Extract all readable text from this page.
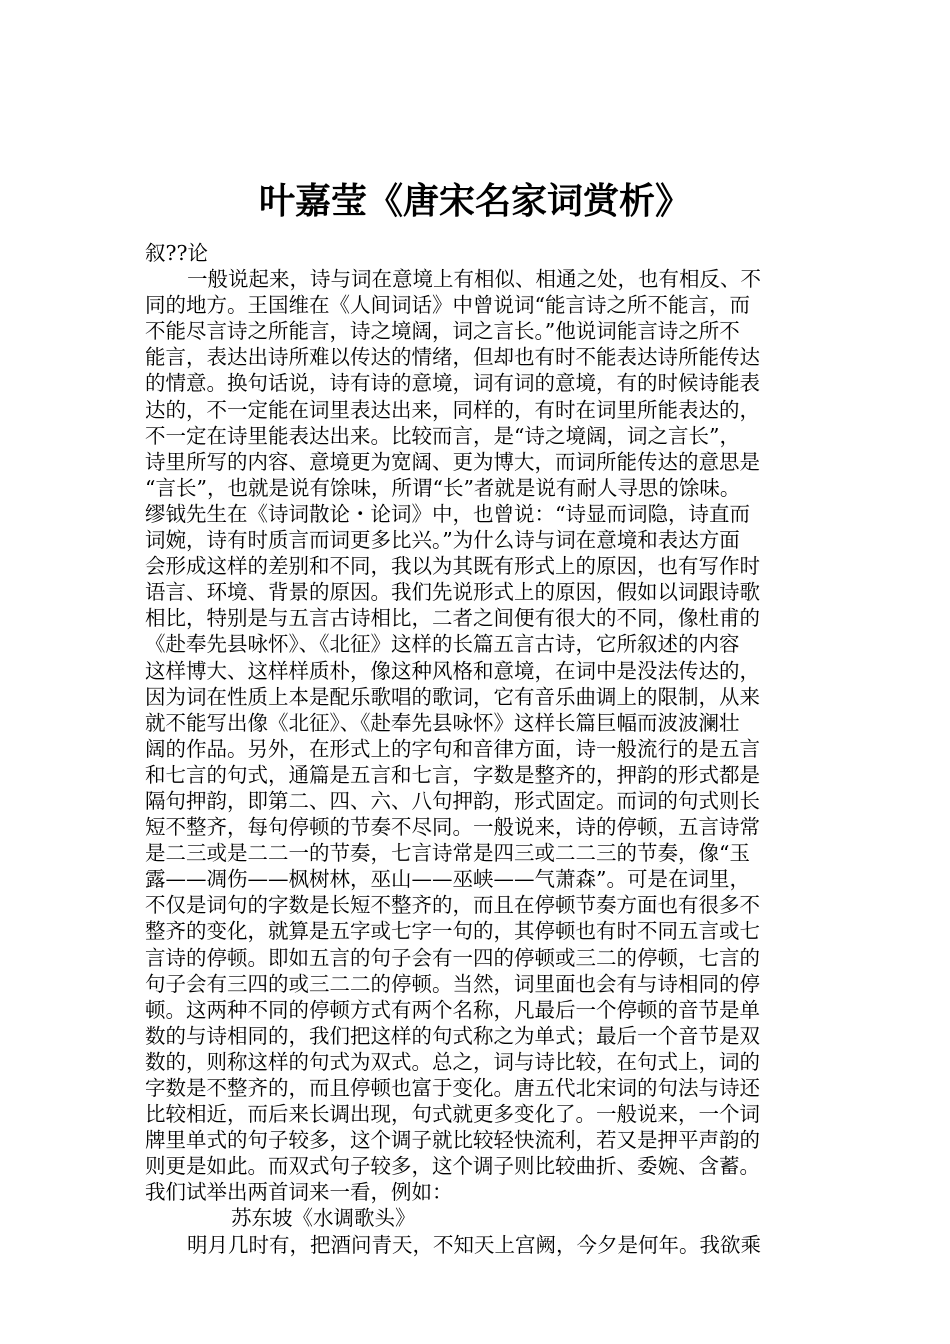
叶嘉莹《唐宋名家词赏析》
叙??论
一般说起来，诗与词在意境上有相似、相通之处，也有相反、不
同的地方。王国维在《人间词话》中曾说词“能言诗之所不能言，而
不能尽言诗之所能言，诗之境阔，词之言长。”他说词能言诗之所不
能言，表达出诗所难以传达的情绪，但却也有时不能表达诗所能传达
的情意。换句话说，诗有诗的意境，词有词的意境，有的时候诗能表
达的，不一定能在词里表达出来，同样的，有时在词里所能表达的，
不一定在诗里能表达出来。比较而言，是“诗之境阔，词之言长”，
诗里所写的内容、意境更为宽阔、更为博大，而词所能传达的意思是
“言长”，也就是说有馀味，所谓“长”者就是说有耐人寻思的馀味。
缪钺先生在《诗词散论・论词》中，也曾说：“诗显而词隐，诗直而
词婉，诗有时质言而词更多比兴。”为什么诗与词在意境和表达方面
会形成这样的差别和不同，我以为其既有形式上的原因，也有写作时
语言、环境、背景的原因。我们先说形式上的原因，假如以词跟诗歌
相比，特别是与五言古诗相比，二者之间便有很大的不同，像杜甫的
《赴奉先县咏怀》、《北征》这样的长篇五言古诗，它所叙述的内容
这样博大、这样样质朴，像这种风格和意境，在词中是没法传达的，
因为词在性质上本是配乐歌唱的歌词，它有音乐曲调上的限制，从来
就不能写出像《北征》、《赴奉先县咏怀》这样长篇巨幅而波波澜壮
阔的作品。另外，在形式上的字句和音律方面，诗一般流行的是五言
和七言的句式，通篇是五言和七言，字数是整齐的，押韵的形式都是
隔句押韵，即第二、四、六、八句押韵，形式固定。而词的句式则长
短不整齐，每句停顿的节奏不尽同。一般说来，诗的停顿，五言诗常
是二三或是二二一的节奏，七言诗常是四三或二二三的节奏，像“玉
露——凋伤——枫树林，巫山——巫峡——气萧森”。可是在词里，
不仅是词句的字数是长短不整齐的，而且在停顿节奏方面也有很多不
整齐的变化，就算是五字或七字一句的，其停顿也有时不同五言或七
言诗的停顿。即如五言的句子会有一四的停顿或三二的停顿，七言的
句子会有三四的或三二二的停顿。当然，词里面也会有与诗相同的停
顿。这两种不同的停顿方式有两个名称，凡最后一个停顿的音节是单
数的与诗相同的，我们把这样的句式称之为单式；最后一个音节是双
数的，则称这样的句式为双式。总之，词与诗比较，在句式上，词的
字数是不整齐的，而且停顿也富于变化。唐五代北宋词的句法与诗还
比较相近，而后来长调出现，句式就更多变化了。一般说来，一个词
牌里单式的句子较多，这个调子就比较轻快流利，若又是押平声韵的
则更是如此。而双式句子较多，这个调子则比较曲折、委婉、含蓄。
我们试举出两首词来一看，例如：
苏东坡《水调歌头》
明月几时有，把酒问青天，不知天上宫阙，今夕是何年。我欲乘
